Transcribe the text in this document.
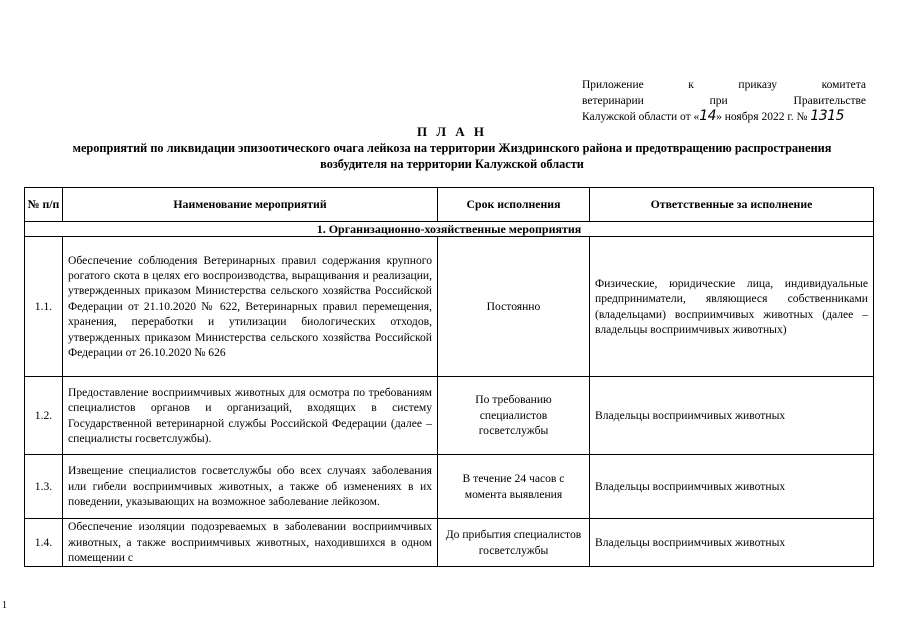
Приложение к приказу комитета
ветеринарии при Правительстве
Калужской области от «14» ноября 2022 г. № 1315
П Л А Н
мероприятий по ликвидации эпизоотического очага лейкоза на территории Жиздринского района и предотвращению распространения возбудителя на территории Калужской области
№ п/п	Наименование мероприятий	Срок исполнения	Ответственные за исполнение
1. Организационно-хозяйственные мероприятия			
1.1.	Обеспечение соблюдения Ветеринарных правил содержания крупного рогатого скота в целях его воспроизводства, выращивания и реализации, утвержденных приказом Министерства сельского хозяйства Российской Федерации от 21.10.2020 № 622, Ветеринарных правил перемещения, хранения, переработки и утилизации биологических отходов, утвержденных приказом Министерства сельского хозяйства Российской Федерации от 26.10.2020 № 626	Постоянно	Физические, юридические лица, индивидуальные предприниматели, являющиеся собственниками (владельцами) восприимчивых животных (далее – владельцы восприимчивых животных)
1.2.	Предоставление восприимчивых животных для осмотра по требованиям специалистов органов и организаций, входящих в систему Государственной ветеринарной службы Российской Федерации (далее – специалисты госветслужбы).	По требованию специалистов госветслужбы	Владельцы восприимчивых животных
1.3.	Извещение специалистов госветслужбы обо всех случаях заболевания или гибели восприимчивых животных, а также об изменениях в их поведении, указывающих на возможное заболевание лейкозом.	В течение 24 часов с момента выявления	Владельцы восприимчивых животных
1.4.	Обеспечение изоляции подозреваемых в заболевании восприимчивых животных, а также восприимчивых животных, находившихся в одном помещении с	До прибытия специалистов госветслужбы	Владельцы восприимчивых животных
1
